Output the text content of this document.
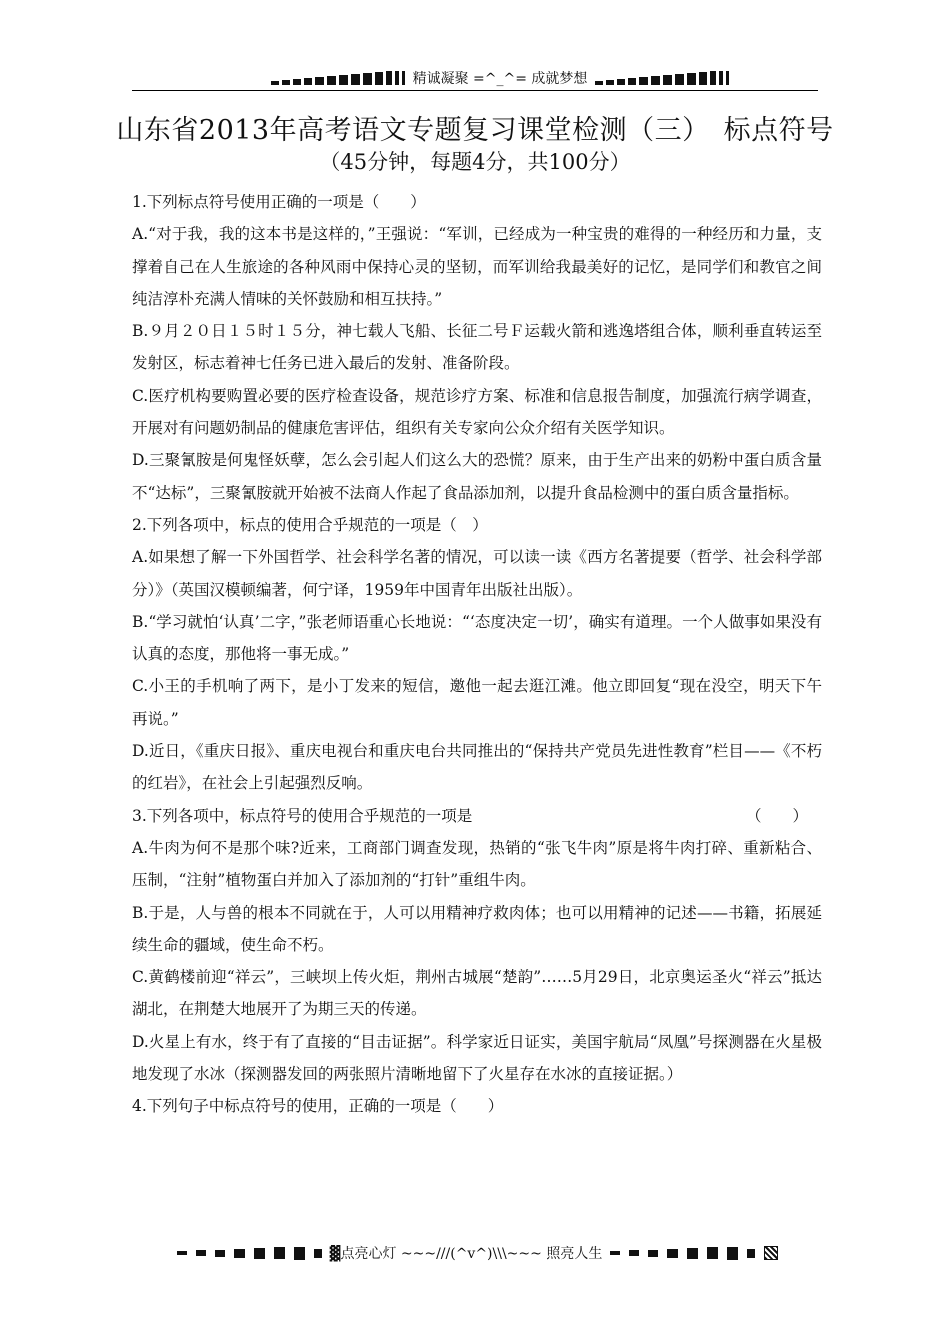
精诚凝聚 =^_^= 成就梦想
山东省2013年高考语文专题复习课堂检测（三）　标点符号
（45分钟，每题4分，共100分）

1.下列标点符号使用正确的一项是（　　）

A.“对于我，我的这本书是这样的，”王强说：“军训，已经成为一种宝贵的难得的一种经历和力量，支撑着自己在人生旅途的各种风雨中保持心灵的坚韧，而军训给我最美好的记忆，是同学们和教官之间纯洁淳朴充满人情味的关怀鼓励和相互扶持。”

B.９月２０日１５时１５分，神七载人飞船、长征二号Ｆ运载火箭和逃逸塔组合体，顺利垂直转运至发射区，标志着神七任务已进入最后的发射、准备阶段。

C.医疗机构要购置必要的医疗检查设备，规范诊疗方案、标准和信息报告制度，加强流行病学调查，开展对有问题奶制品的健康危害评估，组织有关专家向公众介绍有关医学知识。

D.三聚氰胺是何鬼怪妖孽，怎么会引起人们这么大的恐慌？原来，由于生产出来的奶粉中蛋白质含量不“达标”，三聚氰胺就开始被不法商人作起了食品添加剂，以提升食品检测中的蛋白质含量指标。

2.下列各项中，标点的使用合乎规范的一项是（　）

A.如果想了解一下外国哲学、社会科学名著的情况，可以读一读《西方名著提要（哲学、社会科学部分）》（英国汉模顿编著，何宁译，1959年中国青年出版社出版）。

B.“学习就怕‘认真’二字，”张老师语重心长地说：“‘态度决定一切’，确实有道理。一个人做事如果没有认真的态度，那他将一事无成。”

C.小王的手机响了两下，是小丁发来的短信，邀他一起去逛江滩。他立即回复“现在没空，明天下午再说。”

D.近日，《重庆日报》、重庆电视台和重庆电台共同推出的“保持共产党员先进性教育”栏目——《不朽的红岩》，在社会上引起强烈反响。

3.下列各项中，标点符号的使用合乎规范的一项是	（　　）

A.牛肉为何不是那个味?近来，工商部门调查发现，热销的“张飞牛肉”原是将牛肉打碎、重新粘合、压制，“注射”植物蛋白并加入了添加剂的“打针”重组牛肉。

B.于是，人与兽的根本不同就在于，人可以用精神疗救肉体；也可以用精神的记述——书籍，拓展延续生命的疆域，使生命不朽。

C.黄鹤楼前迎“祥云”，三峡坝上传火炬，荆州古城展“楚韵”……5月29日，北京奥运圣火“祥云”抵达湖北，在荆楚大地展开了为期三天的传递。

D.火星上有水，终于有了直接的“目击证据”。科学家近日证实，美国宇航局“凤凰”号探测器在火星极地发现了水冰（探测器发回的两张照片清晰地留下了火星存在水冰的直接证据。）

4.下列句子中标点符号的使用，正确的一项是（　　）

▓点亮心灯 ~~~///(^v^)\\\~~~ 照亮人生
